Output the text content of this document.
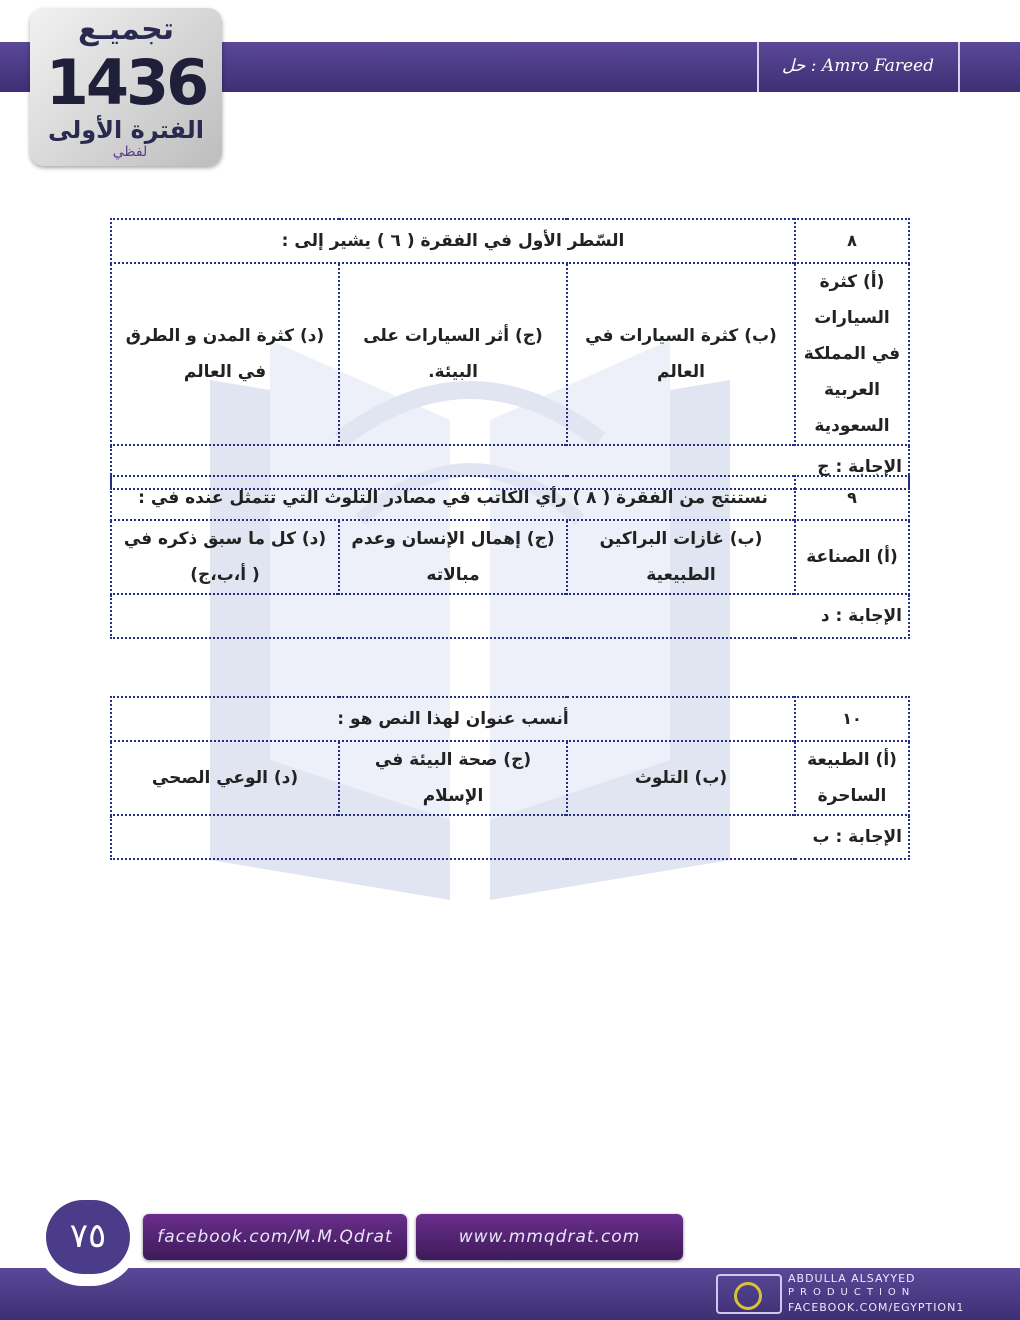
حل : Amro Fareed
تجميـع
1436
الفترة الأولى
لفظي
٨	السّطر الأول في الفقرة ( ٦ ) يشير إلى :		
(أ) كثرة السيارات في المملكة العربية السعودية	(ب) كثرة السيارات في العالم	(ج) أثر السيارات على البيئة.	(د) كثرة المدن و الطرق في العالم
الإجابة : ج			
٩	نستنتج من الفقرة ( ٨ ) رأي الكاتب في مصادر التلوث التي تتمثل عنده في :		
(أ) الصناعة	(ب) غازات البراكين الطبيعية	(ج) إهمال الإنسان وعدم مبالاته	(د) كل ما سبق ذكره في ( أ،ب،ج)
الإجابة : د			
١٠	أنسب عنوان لهذا النص هو :		
(أ) الطبيعة الساحرة	(ب) التلوث	(ج) صحة البيئة في الإسلام	(د) الوعي الصحي
الإجابة : ب			
٧٥	facebook.com/M.M.Qdrat	www.mmqdrat.com
ABDULLA ALSAYYED
PRODUCTION
FACEBOOK.COM/EGYPTION1
